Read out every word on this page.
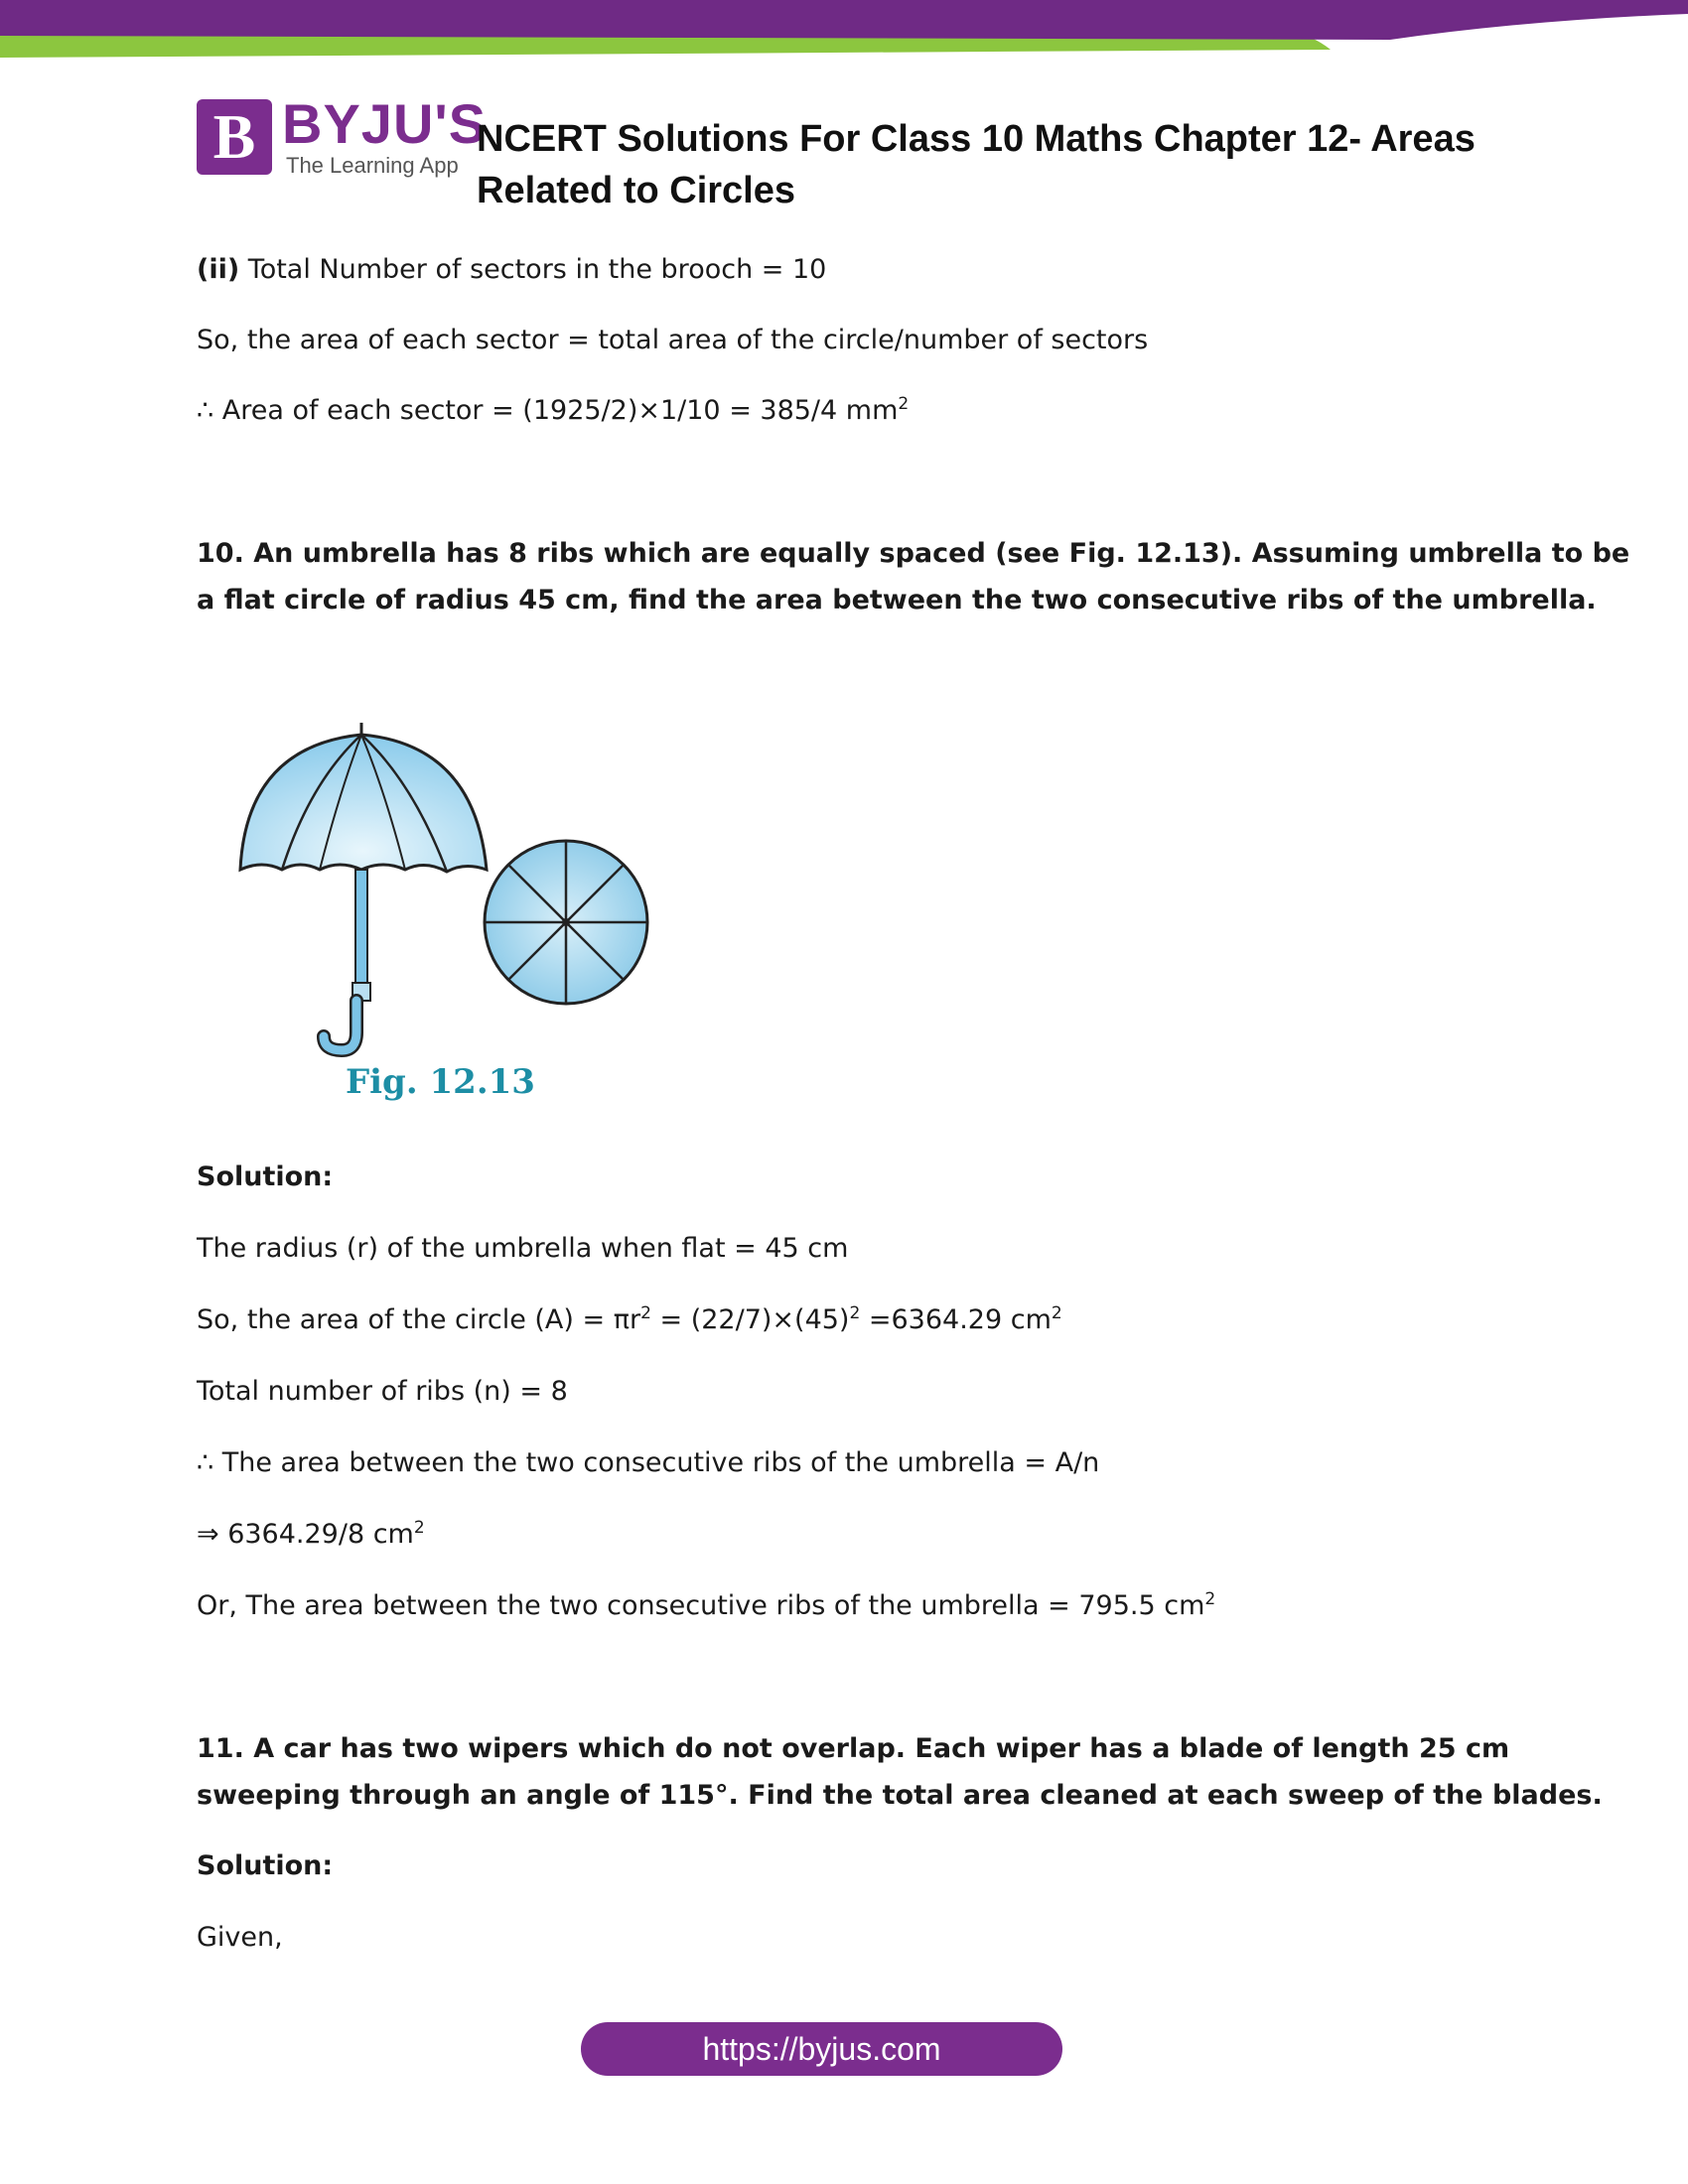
B BYJU'S
The Learning App
NCERT Solutions For Class 10 Maths Chapter 12- Areas
Related to Circles
(ii) Total Number of sectors in the brooch = 10
So, the area of each sector = total area of the circle/number of sectors
∴ Area of each sector = (1925/2)×1/10 = 385/4 $mm^2$
10. An umbrella has 8 ribs which are equally spaced (see Fig. 12.13). Assuming umbrella to be
a flat circle of radius 45 cm, find the area between the two consecutive ribs of the umbrella.
Solution:
The radius (r) of the umbrella when flat = 45 cm
So, the area of the circle $(A) = \pi r^2 = (22/7)\times(45)^2 =6364.29$ $cm^2$
Total number of ribs (n) = 8
∴ The area between the two consecutive ribs of the umbrella = A/n
⇒ 6364.29/8 $cm^2$
Or, The area between the two consecutive ribs of the umbrella = 795.5 $cm^2$
11. A car has two wipers which do not overlap. Each wiper has a blade of length 25 cm
sweeping through an angle of 115°. Find the total area cleaned at each sweep of the blades.
Solution:
Given,
Fig. 12.13
https://byjus.com
